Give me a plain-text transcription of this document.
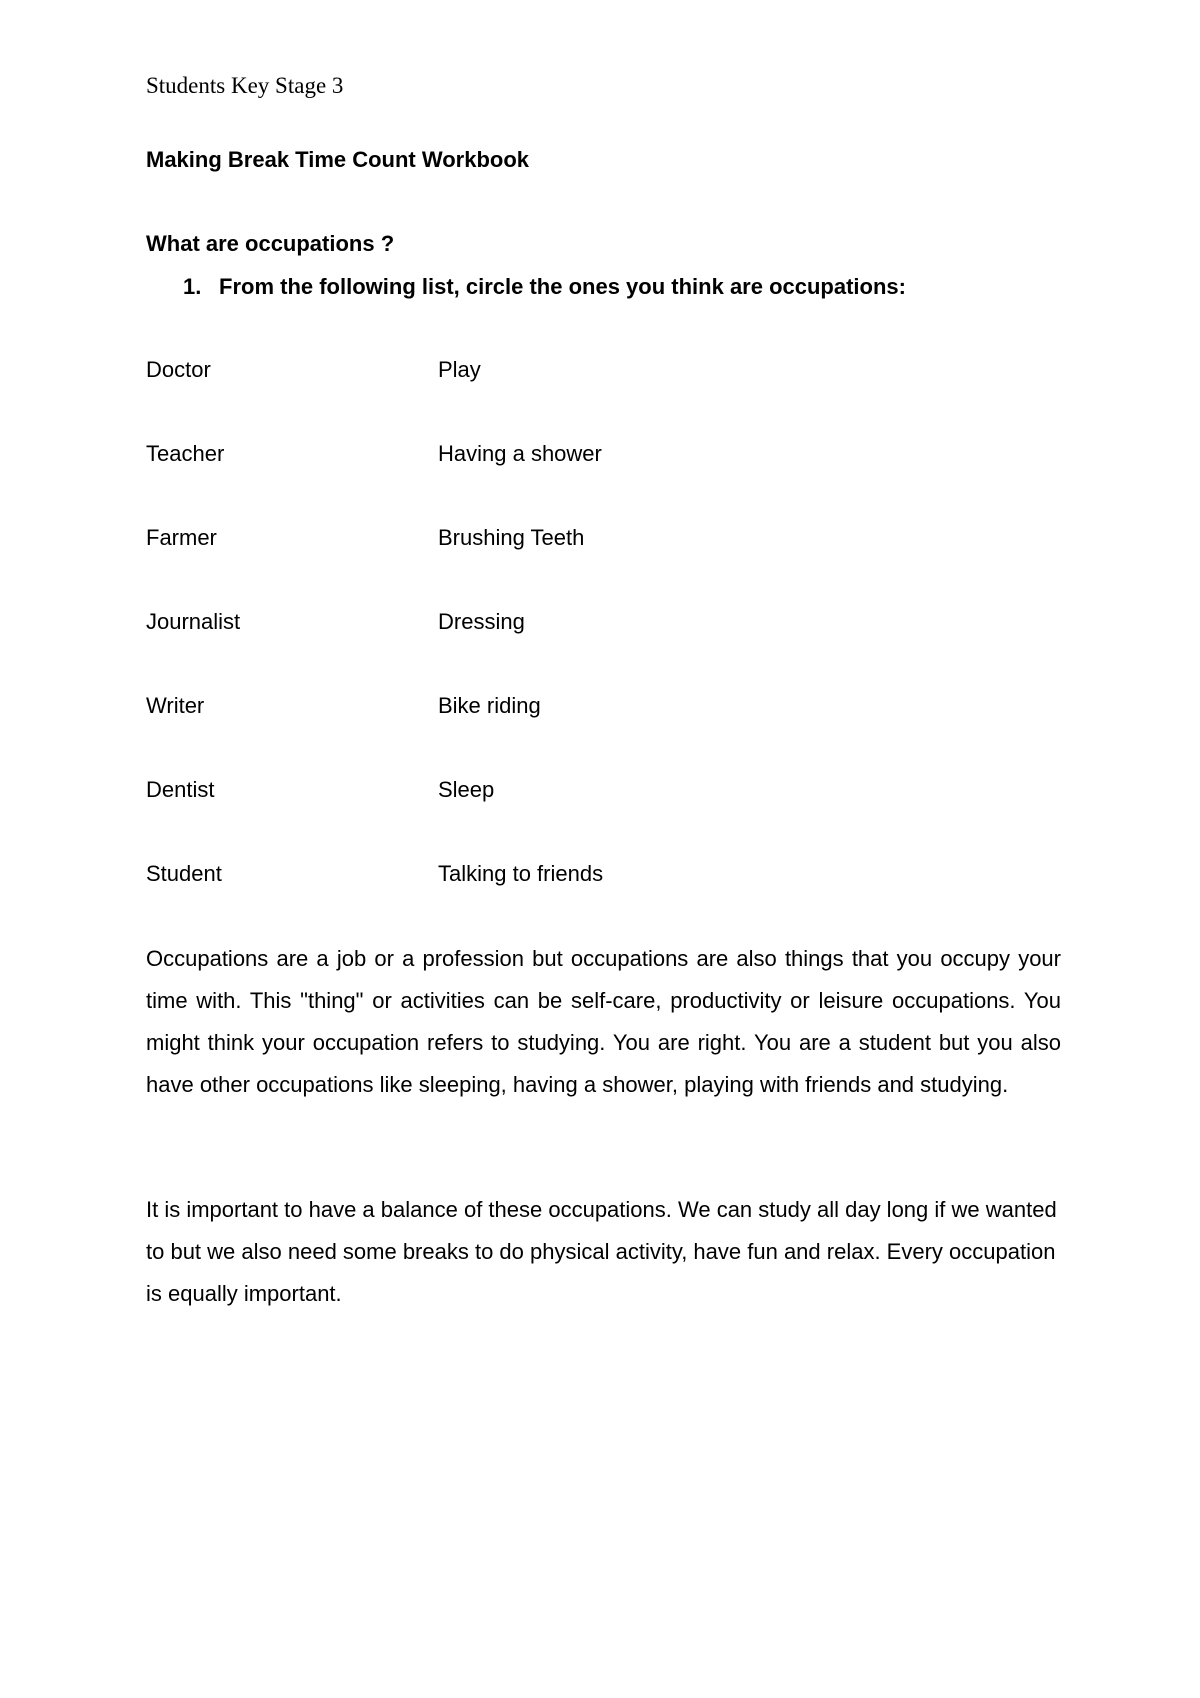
Students Key Stage 3
Making Break Time Count Workbook
What are occupations ?
1. From the following list, circle the ones you think are occupations:
Doctor	Play
Teacher	Having a shower
Farmer	Brushing Teeth
Journalist	Dressing
Writer	Bike riding
Dentist	Sleep
Student	Talking to friends

Occupations are a job or a profession but occupations are also things that you occupy your time with. This "thing" or activities can be self-care, productivity or leisure occupations. You might think your occupation refers to studying. You are right. You are a student but you also have other occupations like sleeping, having a shower, playing with friends and studying.

It is important to have a balance of these occupations. We can study all day long if we wanted to but we also need some breaks to do physical activity, have fun and relax. Every occupation is equally important.
